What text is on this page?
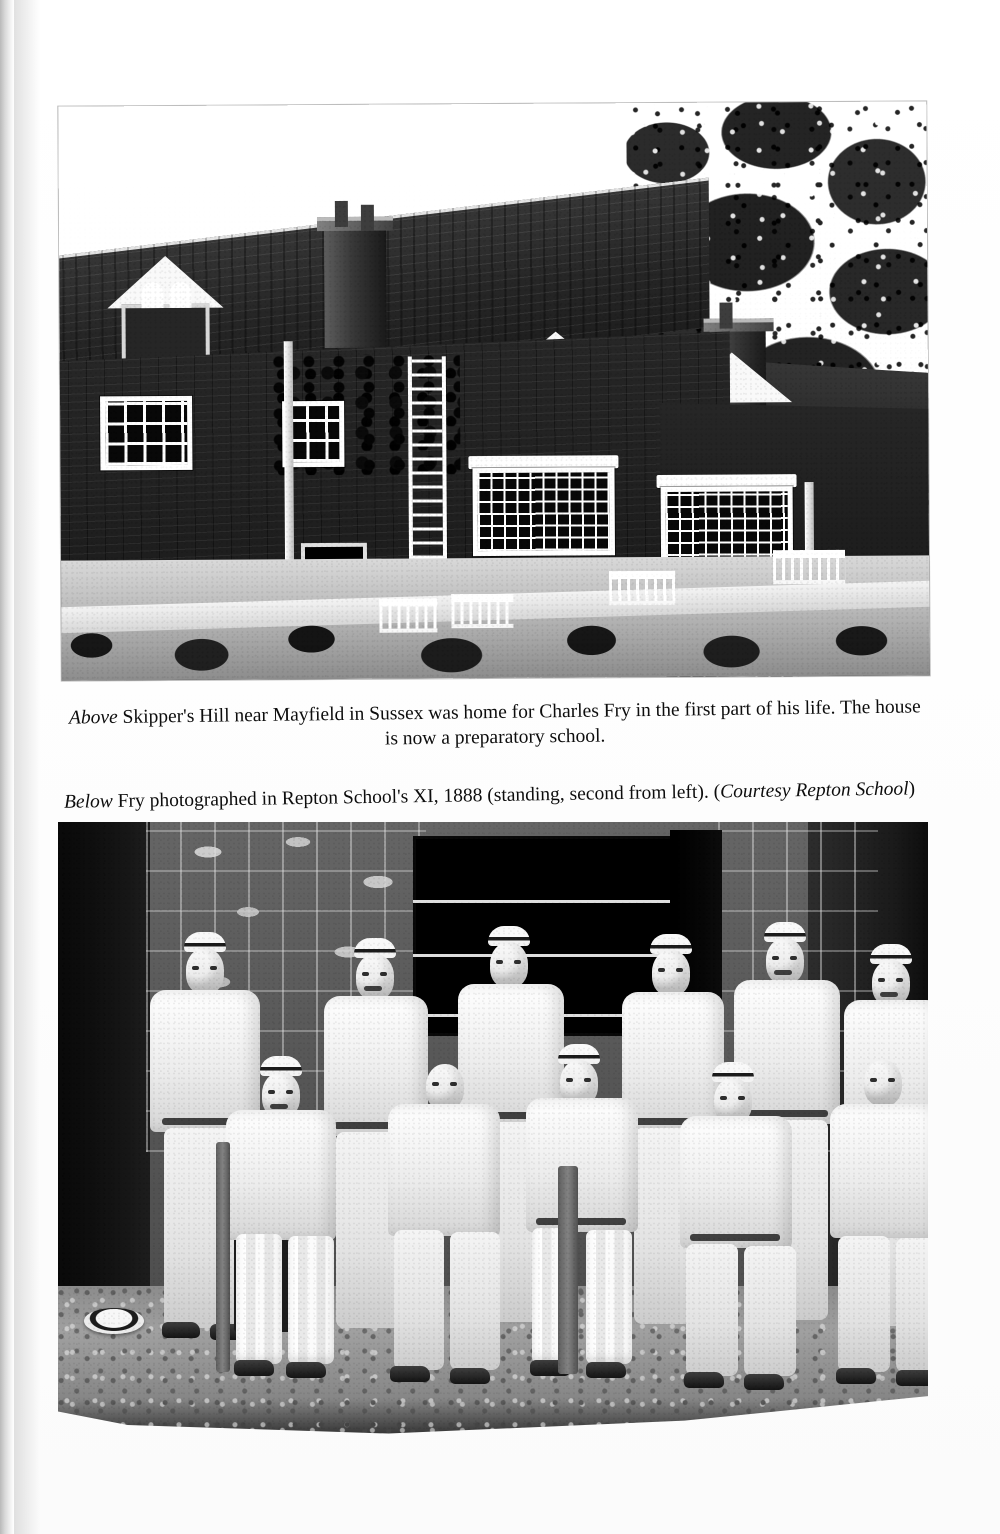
Above Skipper's Hill near Mayfield in Sussex was home for Charles Fry in the first part of his life. The house is now a preparatory school.

Below Fry photographed in Repton School's XI, 1888 (standing, second from left). (Courtesy Repton School)
